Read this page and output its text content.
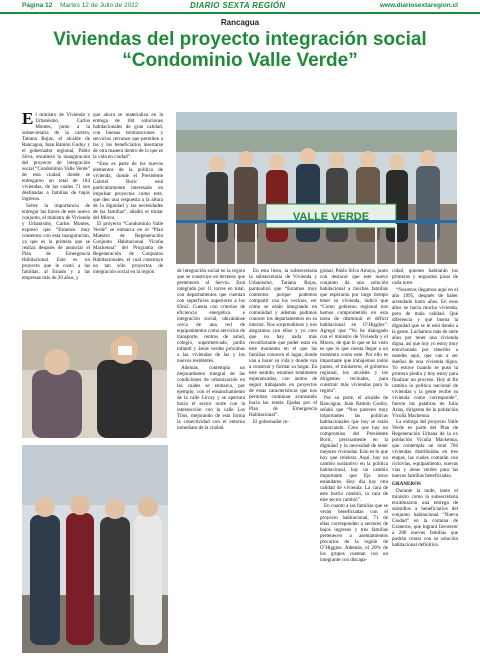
Página 12 Martes 12 de Julio de 2022	DIARIO SEXTA REGIÓN	www.diariosextaregion.cl
Rancagua
Viviendas del proyecto integración social
“Condominio Valle Verde”

El ministro de Vivienda y Urbanismo, Carlos Montes, junto a la subsecretaria de la cartera, Tatiana Rojas, el alcalde de Rancagua, Juan Ramón Godoy y el gobernador regional, Pablo Silva, encabezó la inauguración del proyecto de integración social “Condominio Valle Verde” de esta ciudad, donde se entregaron un total de 184 viviendas, de las cuales 71 son destinadas a familias de bajos ingresos.

Sobre la importancia de entregar las llaves de este nuevo conjunto, el ministro de Vivienda y Urbanismo, Carlos Montes, expresó que “Estamos muy contentos con esta inauguración, ya que es la primera que se realiza después de anunciar el Plan de Emergencia Habitacional. Este es un proyecto que le costó a las familias, al Estado y a las empresas más de 20 años, y

que ahora se materializa en la entrega de 184 soluciones habitacionales de gran calidad, con buenas terminaciones y servicios cercanos que permiten a las y los beneficiarios insertarse de otra manera dentro de lo que es la vida en ciudad”.

“Esto es parte de los nuevos elementos de la política de vivienda, donde el Presidente Gabriel Boric está particularmente interesado en impulsar proyectos como este, que den una respuesta a la altura de la dignidad y las necesidades de las familias”, añadió el titular del Minvu.

El proyecto “Condominio Valle Verde” se enmarca en el “Plan Maestro de Regeneración Conjunto Habitacional Vicuña Mackenna” del Programa de Regeneración de Conjuntos Habitacionales, el cual construye no tan sólo proyectos de integración social en la región

VALLE VERDE

de integración social en la región que se construye en terrenos que pertenecen al Serviu. Está integrado por 11 torres en total, con departamentos que cuentan con superficies superiores a los 63m2. Cuenta con criterios de eficiencia energética e integración social, ubicándose cerca de una red de equipamientos como servicios de transporte, centros de salud, colegio, supermercado, jardín infantil y áreas verdes próximas a las viviendas de las y los nuevos residentes.

Además, contempla un mejoramiento integral de las condiciones de urbanización en las cuales se enmarca, por ejemplo, con el ensanchamiento de la calle Lircay y se apertura hacia el sector norte con la intersección con la calle Los Tilos, mejorando de esta forma la conectividad con el entorno inmediato de la ciudad.

En esta línea, la subsecretaria la subsecretaria de Vivienda y Urbanismo, Tatiana Rojas, puntualizó que “Estamos muy contentos porque podemos compartir con los vecinos, ver cómo se están integrando en comunidad y además pudimos conocer los departamentos en su interior. Nos sorprendimos y nos alegramos con ellos y yo creo que no hay nada más reconfortante que poder estar en este momento en el que las familias conocen el lugar, donde van a hacer su vida y donde van a construir y formar su hogar. En este sentido, estamos totalmente esperanzados, con ánimo de seguir trabajando en proyectos de estas características que nos permitan continuar avanzando hacia las metas fijadas por el Plan de Emergencia Habitacional”.

El gobernador re-

gional, Pablo Silva Amaya, junto con destacar que este nuevo conjunto da una solución habitacional a muchas familias que esperaron por largo tiempo tener su vivienda, indicó que “Como gobierno regional nos hemos comprometido en esta tarea de disminuir el déficit habitacional en O’Higgins”. Agregó que “Yo he dialogado con el ministro de Vivienda y el Minvu, de que lo que se ha visto es que lo que cuesta llegar a un momento como este. Por ello es importante que trabajemos todos juntos, el ministerio, el gobierno regional, los alcaldes y los dirigentes vecinales, para construir más viviendas para la región”.

Por su parte, el alcalde de Rancagua, Juan Ramón Godoy, señaló que “Nos parecen muy importantes las políticas habitacionales que hoy se están anunciando. Creo que hay un compromiso del Presidente Boric, precisamente en la dignidad y la necesidad de tener mejores viviendas. Esto es lo que hoy que celebrar. Aquí, hay un cambio sustantivo en la política habitacional, hay un cambio importante que Ejs otros estándares. Hoy día hay otra calidad de vivienda. La cara de este barrio cambió, la cara de este sector cambió”.

En cuanto a las familias que se verán beneficiadas con el proyecto habitacional, 71 de ellas corresponden a sectores de bajos ingresos y tres familias pertenecen a asentamientos precarios de la región de O’Higgins. Además, el 20% de los grupos cuentan con un integrante con discapa-

cidad, quienes habitarán los primeros y segundos pisos de cada torre.

“Nosotros llegamos aquí en el año 1995, después de haber arrendado harto años. En esos años se hacía mucha vivienda, pero de mala calidad. Qué diferencia y qué buena la dignidad que se le está dando a la gente. Luchamos más de siete años por tener una vivienda digna, así que hoy yo estoy muy emocionada por tenerlos a ustedes aquí, que van a ser dueños de una vivienda digna. Yo estuve cuando se puso la primera piedra y hoy estoy para finalizar un proceso. Hoy al fin cambia la política nacional de viviendas y la gente recibe su vivienda como corresponde”, fueron las palabras de Julia Arias, dirigenta de la población Vicuña Mackenna.

La entrega del proyecto Valle Verde es parte del Plan de Regeneración Urbana de la ex población Vicuña Mackenna, que contempla un total 766 viviendas distribuidas en tres etapas, las cuales contarán con ciclovías, equipamiento, nuevas vías y áreas verdes para las nuevas familias beneficiadas.

GRANEROS

Durante la tarde, tanto el ministro como la subsecretaria encabezaron una entrega de subsidios a beneficiarios del conjunto habitacional “Nueva Ciudad” en la comuna de Graneros, que logrará favorecer a 280 nuevas familias que podrán contar con su solución habitacional definitiva.
